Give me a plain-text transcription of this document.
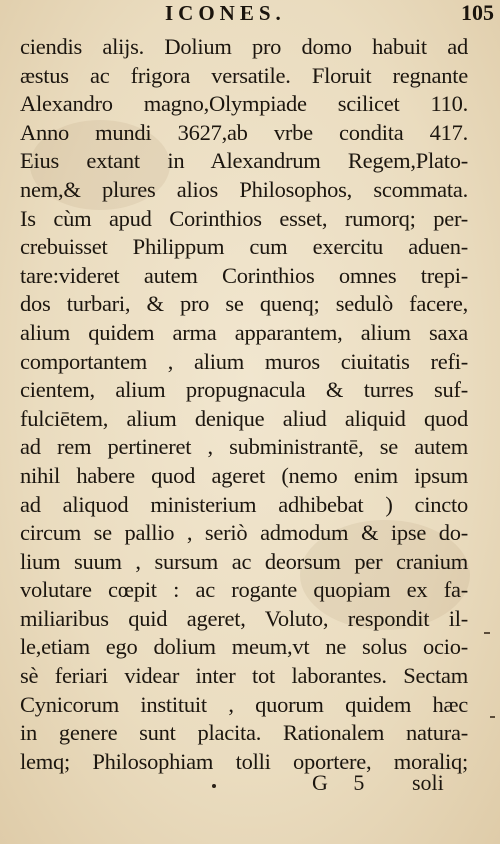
ICONES.	105
ciendis alijs. Dolium pro domo habuit ad
æstus ac frigora versatile. Floruit regnante
Alexandro magno,Olympiade scilicet 110.
Anno mundi 3627,ab vrbe condita 417.
Eius extant in Alexandrum Regem,Plato-
nem,& plures alios Philosophos, scommata.
Is cùm apud Corinthios esset, rumorq; per-
crebuisset Philippum cum exercitu aduen-
tare:videret autem Corinthios omnes trepi-
dos turbari, & pro se quenq; sedulò facere,
alium quidem arma apparantem, alium saxa
comportantem , alium muros ciuitatis refi-
cientem, alium propugnacula & turres suf-
fulciētem, alium denique aliud aliquid quod
ad rem pertineret , subministrantē, se autem
nihil habere quod ageret (nemo enim ipsum
ad aliquod ministerium adhibebat ) cincto
circum se pallio , seriò admodum & ipse do-
lium suum , sursum ac deorsum per cranium
volutare cœpit : ac rogante quopiam ex fa-
miliaribus quid ageret, Voluto, respondit il-
le,etiam ego dolium meum,vt ne solus ocio-
sè feriari videar inter tot laborantes. Sectam
Cynicorum instituit , quorum quidem hæc
in genere sunt placita. Rationalem natura-
lemq; Philosophiam tolli oportere, moraliq;
G 5 soli
